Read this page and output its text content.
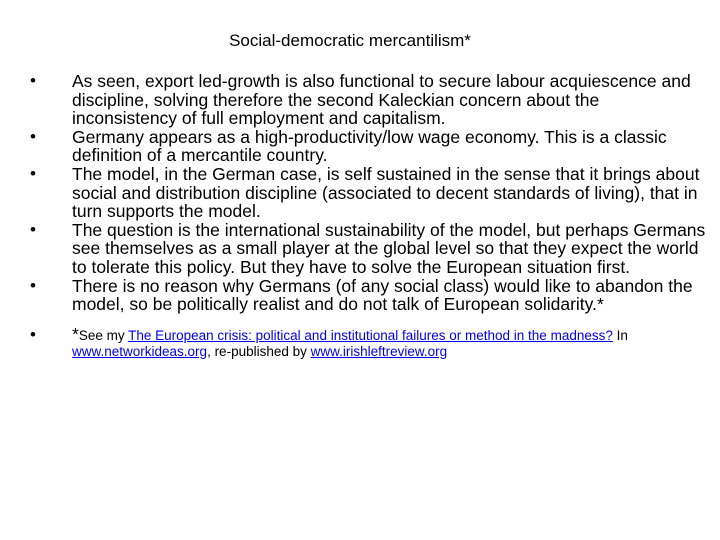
Social-democratic mercantilism*
• As seen, export led-growth is also functional to secure labour acquiescence and discipline, solving therefore the second Kaleckian concern about the inconsistency of full employment and capitalism.
• Germany appears as a high-productivity/low wage economy. This is a classic definition of a mercantile country.
• The model, in the German case, is self sustained in the sense that it brings about social and distribution discipline (associated to decent standards of living), that in turn supports the model.
• The question is the international sustainability of the model, but perhaps Germans see themselves as a small player at the global level so that they expect the world to tolerate this policy. But they have to solve the European situation first.
• There is no reason why Germans (of any social class) would like to abandon the model, so be politically realist and do not talk of European solidarity.*
• *See my The European crisis: political and institutional failures or method in the madness? In www.networkideas.org, re-published by www.irishleftreview.org
